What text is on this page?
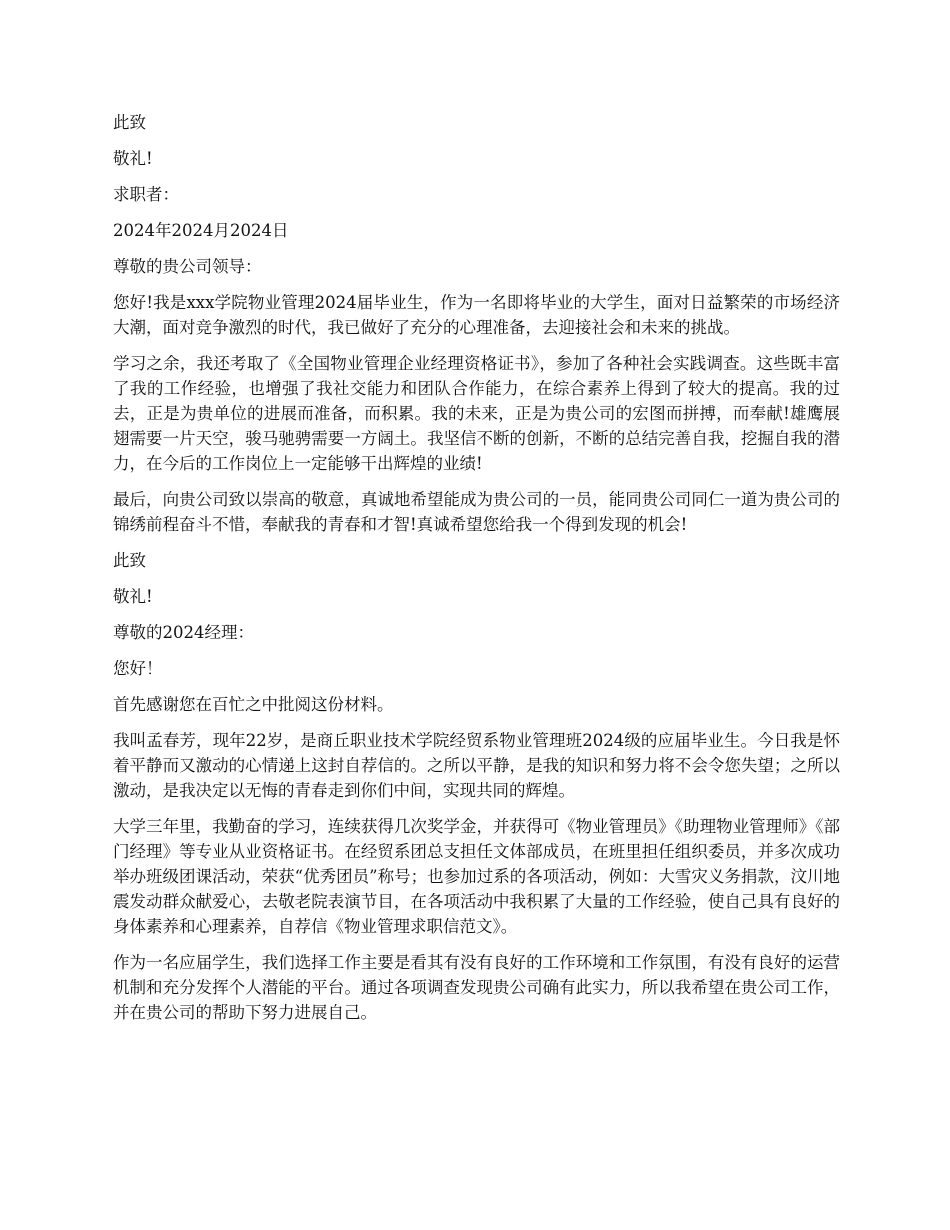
此致

敬礼!

求职者：

2024年2024月2024日

尊敬的贵公司领导：

您好!我是xxx学院物业管理2024届毕业生，作为一名即将毕业的大学生，面对日益繁荣的市场经济大潮，面对竞争激烈的时代，我已做好了充分的心理准备，去迎接社会和未来的挑战。

学习之余，我还考取了《全国物业管理企业经理资格证书》，参加了各种社会实践调查。这些既丰富了我的工作经验，也增强了我社交能力和团队合作能力，在综合素养上得到了较大的提高。我的过去，正是为贵单位的进展而准备，而积累。我的未来，正是为贵公司的宏图而拼搏，而奉献!雄鹰展翅需要一片天空，骏马驰骋需要一方阔土。我坚信不断的创新，不断的总结完善自我，挖掘自我的潜力，在今后的工作岗位上一定能够干出辉煌的业绩!

最后，向贵公司致以崇高的敬意，真诚地希望能成为贵公司的一员，能同贵公司同仁一道为贵公司的锦绣前程奋斗不惜，奉献我的青春和才智!真诚希望您给我一个得到发现的机会!

此致

敬礼!

尊敬的2024经理：

您好！

首先感谢您在百忙之中批阅这份材料。

我叫孟春芳，现年22岁，是商丘职业技术学院经贸系物业管理班2024级的应届毕业生。今日我是怀着平静而又激动的心情递上这封自荐信的。之所以平静，是我的知识和努力将不会令您失望；之所以激动，是我决定以无悔的青春走到你们中间，实现共同的辉煌。

大学三年里，我勤奋的学习，连续获得几次奖学金，并获得可《物业管理员》《助理物业管理师》《部门经理》等专业从业资格证书。在经贸系团总支担任文体部成员，在班里担任组织委员，并多次成功举办班级团课活动，荣获“优秀团员”称号；也参加过系的各项活动，例如：大雪灾义务捐款，汶川地震发动群众献爱心，去敬老院表演节目，在各项活动中我积累了大量的工作经验，使自己具有良好的身体素养和心理素养，自荐信《物业管理求职信范文》。

作为一名应届学生，我们选择工作主要是看其有没有良好的工作环境和工作氛围，有没有良好的运营机制和充分发挥个人潜能的平台。通过各项调查发现贵公司确有此实力，所以我希望在贵公司工作，并在贵公司的帮助下努力进展自己。
